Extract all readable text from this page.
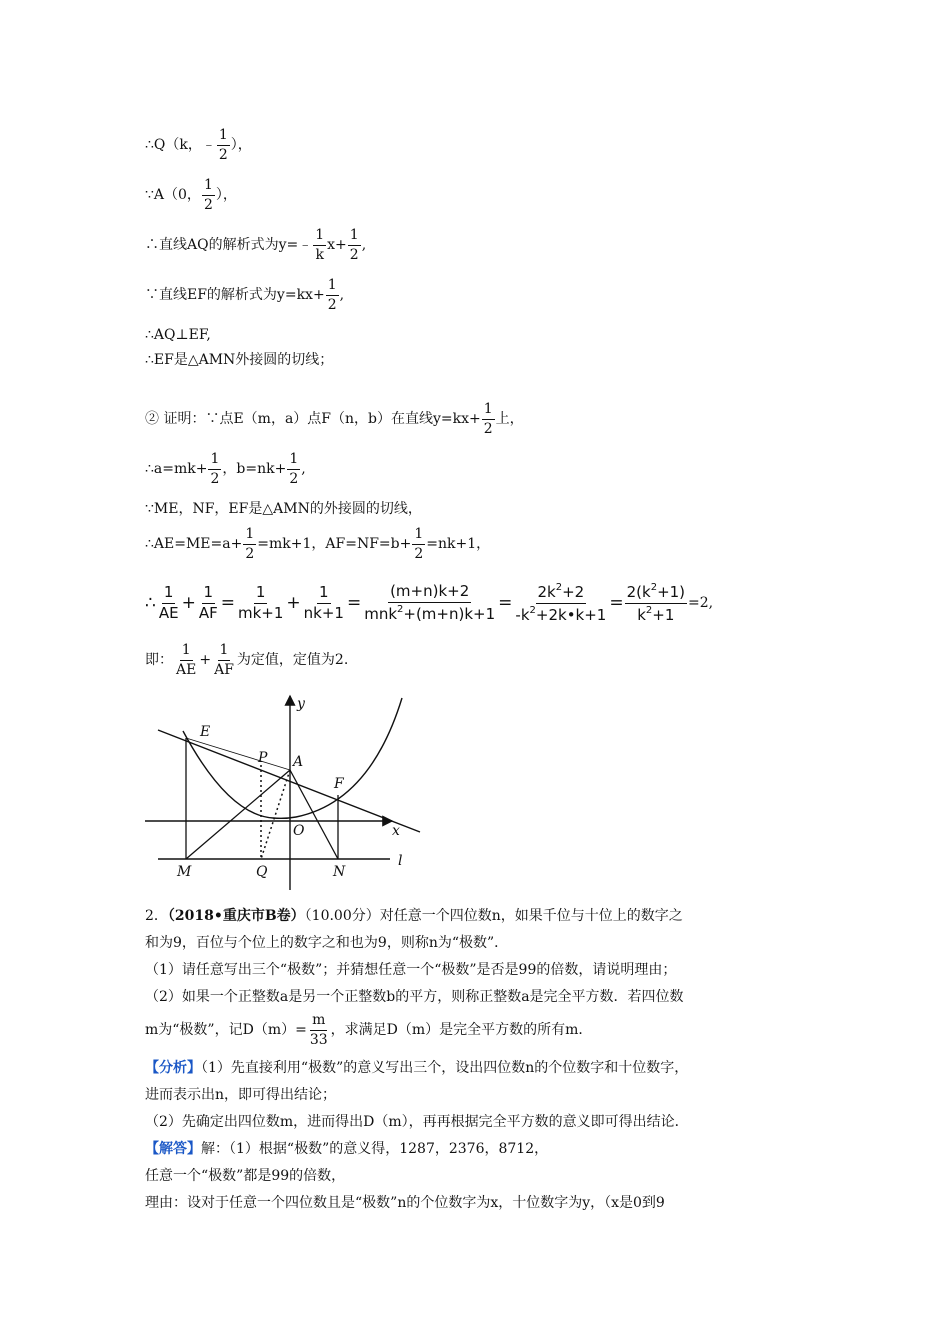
∴Q（k，﹣ $\frac{1}{2}$ ），
∵A（0， $\frac{1}{2}$ ），
∴直线AQ的解析式为y=﹣ $\frac{1}{k} x+ \frac{1}{2}$ ,
∵直线EF的解析式为$y=kx+ \frac{1}{2}$ ,
∴AQ⊥EF,
∴EF是△AMN外接圆的切线；
② 证明：∵点E（m，a）点F（n，b）在直线$y=kx+ \frac{1}{2}$ 上，
∴a=mk+ $\frac{1}{2}$ ，$b=nk+ \frac{1}{2}$ ,
∵ME，NF，EF是△AMN的外接圆的切线，
∴AE=ME=a+ $\frac{1}{2} =mk+1$，$AF=NF=b+ \frac{1}{2} =nk+1$，
∴ $\frac{1}{AE} + \frac{1}{AF} = \frac{1}{mk+1} + \frac{1}{nk+1} = \frac{(m+n)k+2}{mnk^2+(m+n)k+1} = \frac{2k^2+2}{-k^2+2k•k+1} = \frac{2(k^2+1)}{k^2+1} =2$,
即： $\frac{1}{AE} + \frac{1}{AF}$ 为定值，定值为2.
E
P A
F
O
M	Q	N
x
y
l
2．（2018•重庆市B卷）（10.00分）对任意一个四位数n，如果千位与十位上的数字之
和为9，百位与个位上的数字之和也为9，则称n为“极数”．
（1）请任意写出三个“极数”；并猜想任意一个“极数”是否是99的倍数，请说明理由；
（2）如果一个正整数a是另一个正整数b的平方，则称正整数a是完全平方数．若四位数
m为“极数”，记$D(m)= \frac{m}{33}$ ，求满足D（m）是完全平方数的所有m．
【分析】（1）先直接利用“极数”的意义写出三个，设出四位数n的个位数字和十位数字，
进而表示出n，即可得出结论；
（2）先确定出四位数m，进而得出D（m），再再根据完全平方数的意义即可得出结论．
【解答】解：（1）根据“极数”的意义得，1287，2376，8712，
任意一个“极数”都是99的倍数，
理由：设对于任意一个四位数且是“极数”n的个位数字为x，十位数字为y，（x是0到9
